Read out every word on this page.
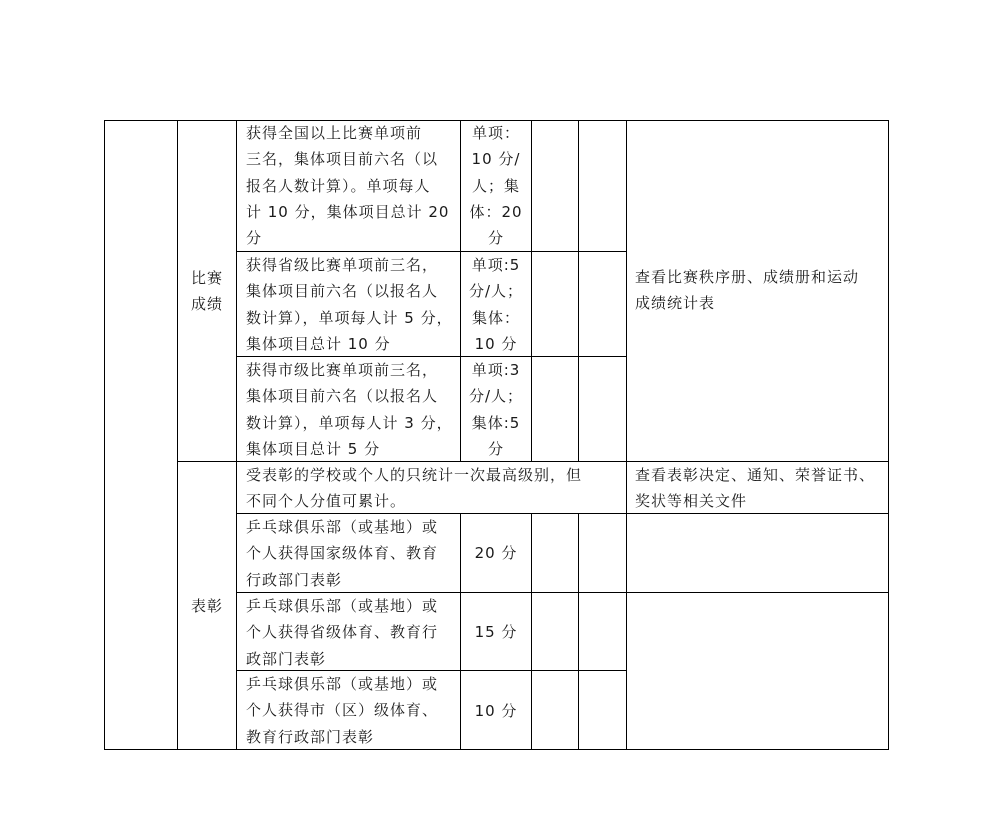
比赛
成绩
获得全国以上比赛单项前
三名，集体项目前六名（以
报名人数计算）。单项每人
计 10 分，集体项目总计 20
分
单项：
10 分/
人；集
体：20
分
获得省级比赛单项前三名，
集体项目前六名（以报名人
数计算），单项每人计 5 分，
集体项目总计 10 分
单项:5
分/人；
集体：
10 分
获得市级比赛单项前三名，
集体项目前六名（以报名人
数计算），单项每人计 3 分，
集体项目总计 5 分
单项:3
分/人；
集体:5
分
查看比赛秩序册、成绩册和运动
成绩统计表
表彰
受表彰的学校或个人的只统计一次最高级别，但
不同个人分值可累计。
查看表彰决定、通知、荣誉证书、
奖状等相关文件
乒乓球俱乐部（或基地）或
个人获得国家级体育、教育
行政部门表彰
20 分
乒乓球俱乐部（或基地）或
个人获得省级体育、教育行
政部门表彰
15 分
乒乓球俱乐部（或基地）或
个人获得市（区）级体育、
教育行政部门表彰
10 分
